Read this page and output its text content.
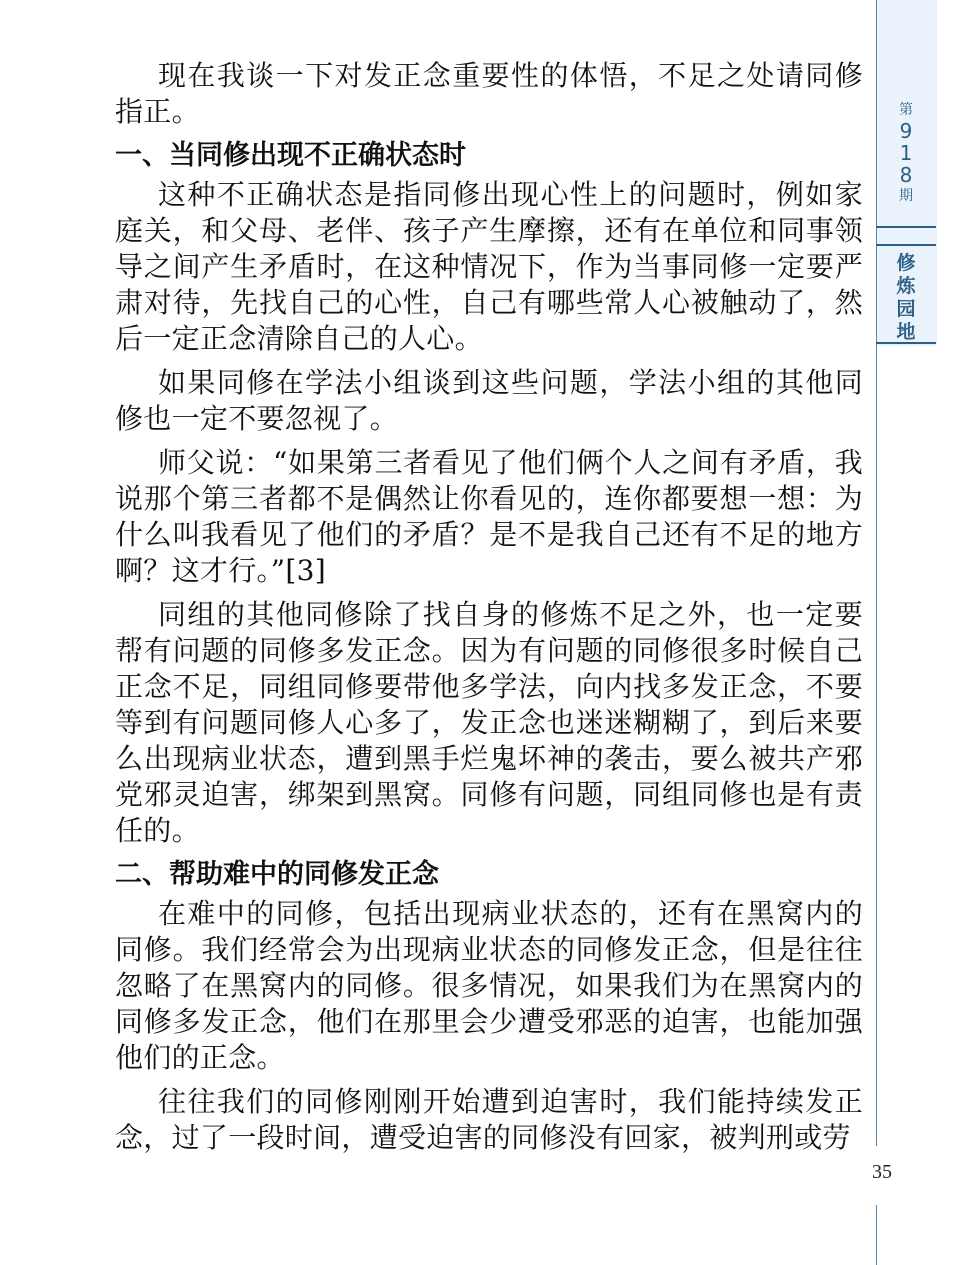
现在我谈一下对发正念重要性的体悟，不足之处请同修指正。

一、当同修出现不正确状态时

这种不正确状态是指同修出现心性上的问题时，例如家庭关，和父母、老伴、孩子产生摩擦，还有在单位和同事领导之间产生矛盾时，在这种情况下，作为当事同修一定要严肃对待，先找自己的心性，自己有哪些常人心被触动了，然后一定正念清除自己的人心。

如果同修在学法小组谈到这些问题，学法小组的其他同修也一定不要忽视了。

师父说：“如果第三者看见了他们俩个人之间有矛盾，我说那个第三者都不是偶然让你看见的，连你都要想一想：为什么叫我看见了他们的矛盾？是不是我自己还有不足的地方啊？这才行。”[3]

同组的其他同修除了找自身的修炼不足之外，也一定要帮有问题的同修多发正念。因为有问题的同修很多时候自己正念不足，同组同修要带他多学法，向内找多发正念，不要等到有问题同修人心多了，发正念也迷迷糊糊了，到后来要么出现病业状态，遭到黑手烂鬼坏神的袭击，要么被共产邪党邪灵迫害，绑架到黑窝。同修有问题，同组同修也是有责任的。

二、帮助难中的同修发正念

在难中的同修，包括出现病业状态的，还有在黑窝内的同修。我们经常会为出现病业状态的同修发正念，但是往往忽略了在黑窝内的同修。很多情况，如果我们为在黑窝内的同修多发正念，他们在那里会少遭受邪恶的迫害，也能加强他们的正念。

往往我们的同修刚刚开始遭到迫害时，我们能持续发正念，过了一段时间，遭受迫害的同修没有回家，被判刑或劳

第
9
1
8
期
修
炼
园
地
35
